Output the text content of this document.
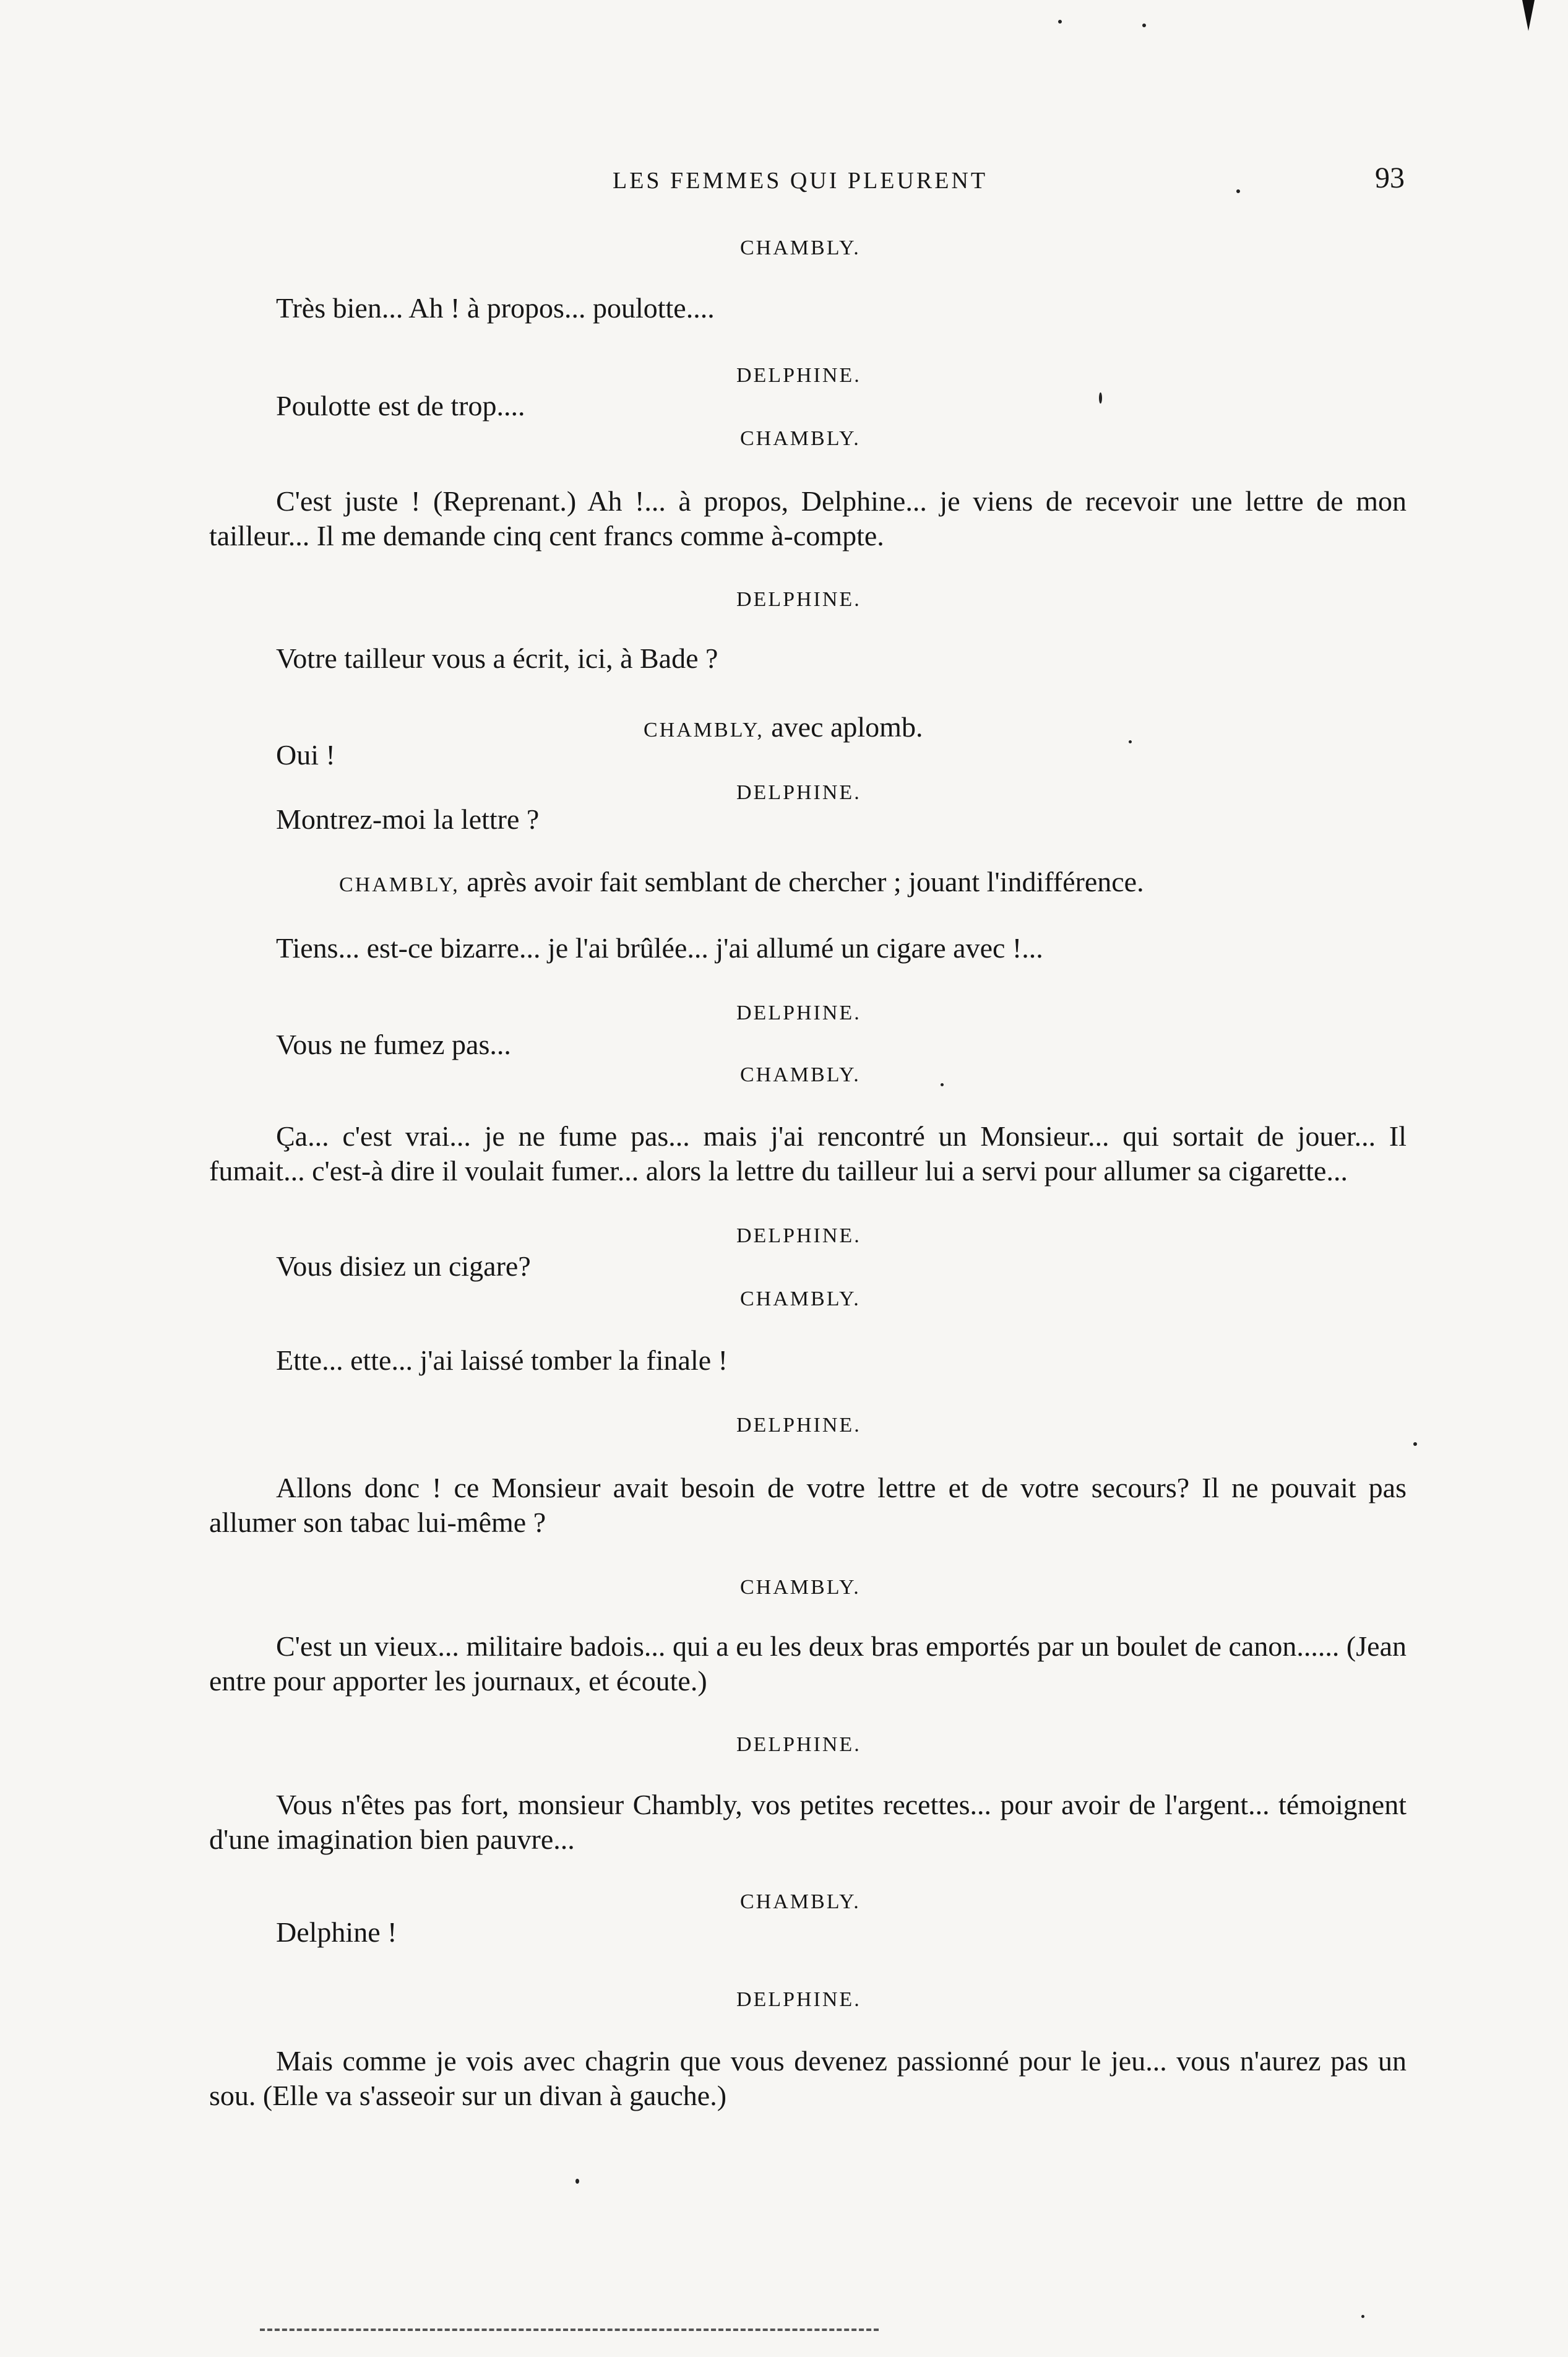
LES FEMMES QUI PLEURENT	93
CHAMBLY.
Très bien... Ah ! à propos... poulotte....
DELPHINE.
Poulotte est de trop....
CHAMBLY.
C'est juste ! (Reprenant.) Ah !... à propos, Delphine... je viens de recevoir une lettre de mon tailleur... Il me demande cinq cent francs comme à-compte.
DELPHINE.
Votre tailleur vous a écrit, ici, à Bade ?
CHAMBLY, avec aplomb.
Oui !
DELPHINE.
Montrez-moi la lettre ?
CHAMBLY, après avoir fait semblant de chercher ; jouant l'indifférence.
Tiens... est-ce bizarre... je l'ai brûlée... j'ai allumé un cigare avec !...
DELPHINE.
Vous ne fumez pas...
CHAMBLY.
Ça... c'est vrai... je ne fume pas... mais j'ai rencontré un Monsieur... qui sortait de jouer... Il fumait... c'est-à dire il voulait fumer... alors la lettre du tailleur lui a servi pour allumer sa cigarette...
DELPHINE.
Vous disiez un cigare?
CHAMBLY.
Ette... ette... j'ai laissé tomber la finale !
DELPHINE.
Allons donc ! ce Monsieur avait besoin de votre lettre et de votre secours? Il ne pouvait pas allumer son tabac lui-même ?
CHAMBLY.
C'est un vieux... militaire badois... qui a eu les deux bras emportés par un boulet de canon...... (Jean entre pour apporter les journaux, et écoute.)
DELPHINE.
Vous n'êtes pas fort, monsieur Chambly, vos petites recettes... pour avoir de l'argent... témoignent d'une imagination bien pauvre...
CHAMBLY.
Delphine !
DELPHINE.
Mais comme je vois avec chagrin que vous devenez passionné pour le jeu... vous n'aurez pas un sou. (Elle va s'asseoir sur un divan à gauche.)
